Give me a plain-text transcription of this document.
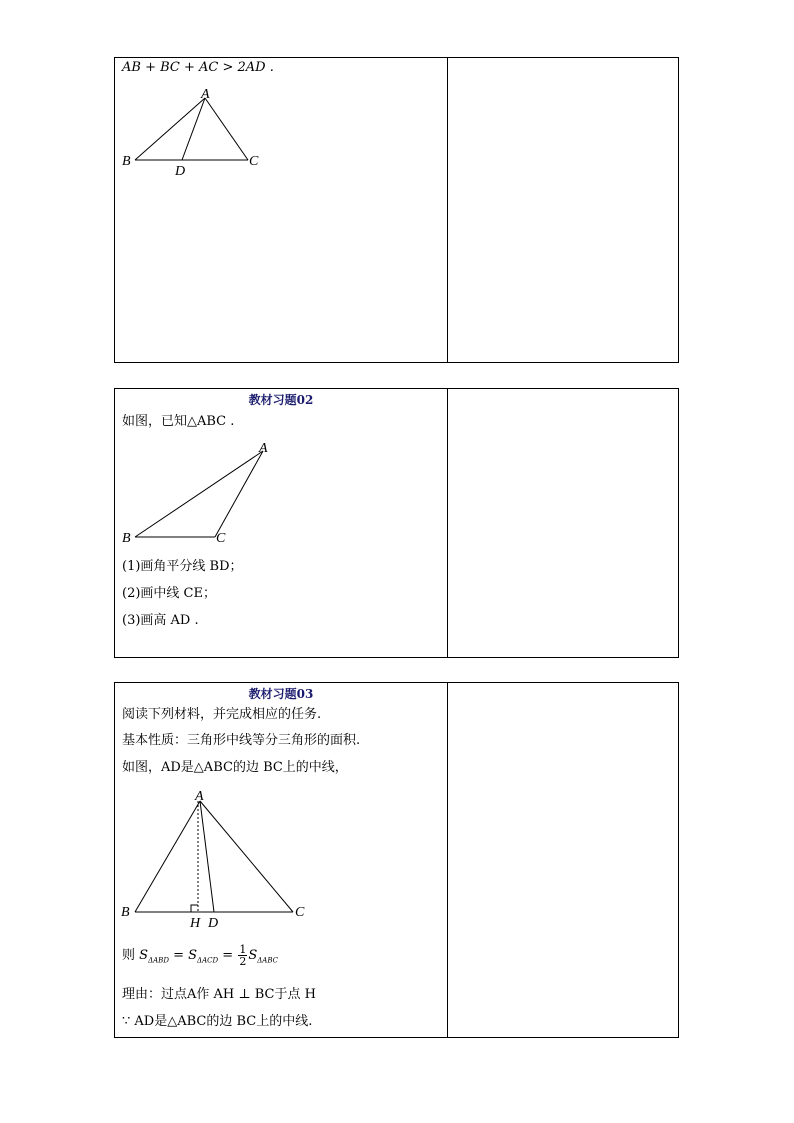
AB + BC + AC > 2AD .
A
B	C
D
教材习题02
如图，已知△ABC .
A
B	C
(1)画角平分线 BD；
(2)画中线 CE；
(3)画高 AD .
教材习题03
阅读下列材料，并完成相应的任务.
基本性质：三角形中线等分三角形的面积.
如图，AD是△ABC的边 BC上的中线，
A
B	C
D
H
则 $S_{\Delta ABD} = S_{\Delta ACD} = \frac{1}{2} S_{\Delta ABC}$
理由：过点A作 AH ⊥ BC于点 H
∵ AD是△ABC的边 BC上的中线.
